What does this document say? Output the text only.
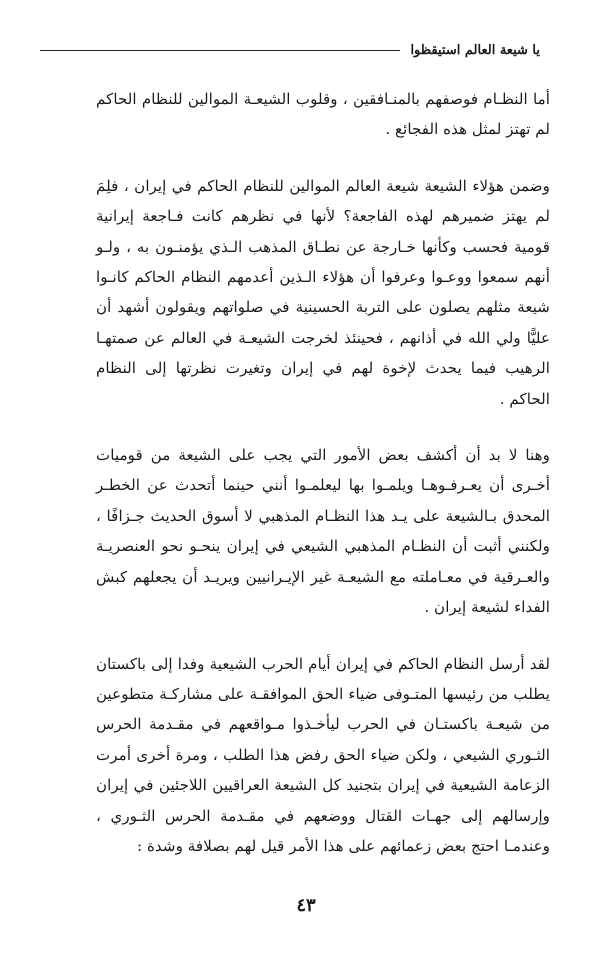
يا شيعة العالم استيقظوا

أما النظـام فوصفهم بالمنـافقين ، وقلوب الشيعـة الموالين للنظام الحاكم لم تهتز لمثل هذه الفجائع .

وضمن هؤلاء الشيعة شيعة العالم الموالين للنظام الحاكم في إيران ، فلِمَ لم يهتز ضميرهم لهذه الفاجعة؟ لأنها في نظرهم كانت فـاجعة إيرانية قومية فحسب وكأنها خـارجة عن نطـاق المذهب الـذي يؤمنـون به ، ولـو أنهم سمعوا ووعـوا وعرفوا أن هؤلاء الـذين أعدمهم النظام الحاكم كانـوا شيعة مثلهم يصلون على التربة الحسينية في صلواتهم ويقولون أشهد أن عليًّا ولي الله في أذانهم ، فحينئذ لخرجت الشيعـة في العالم عن صمتهـا الرهيب فيما يحدث لإخوة لهم في إيران وتغيرت نظرتها إلى النظام الحاكم .

وهنا لا بد أن أكشف بعض الأمور التي يجب على الشيعة من قوميات أخـرى أن يعـرفـوهـا ويلمـوا بها ليعلمـوا أنني حينما أتحدث عن الخطـر المحدق بـالشيعة على يـد هذا النظـام المذهبي لا أسوق الحديث جـزافًا ، ولكنني أثبت أن النظـام المذهبي الشيعي في إيران ينحـو نحو العنصريـة والعـرقية في معـاملته مع الشيعـة غير الإيـرانيين ويريـد أن يجعلهم كبش الفداء لشيعة إيران .

لقد أرسل النظام الحاكم في إيران أيام الحرب الشيعية وفدا إلى باكستان يطلب من رئيسها المتـوفى ضياء الحق الموافقـة على مشاركـة متطوعين من شيعـة باكستـان في الحرب ليأخـذوا مـواقعهم في مقـدمة الحرس الثـوري الشيعي ، ولكن ضياء الحق رفض هذا الطلب ، ومرة أخرى أمرت الزعامة الشيعية في إيران بتجنيد كل الشيعة العراقيين اللاجئين في إيران وإرسالهم إلى جهـات القتال ووضعهم في مقـدمة الحرس الثـوري ، وعندمـا احتج بعض زعمائهم على هذا الأمر قيل لهم بصلافة وشدة :

٤٣
